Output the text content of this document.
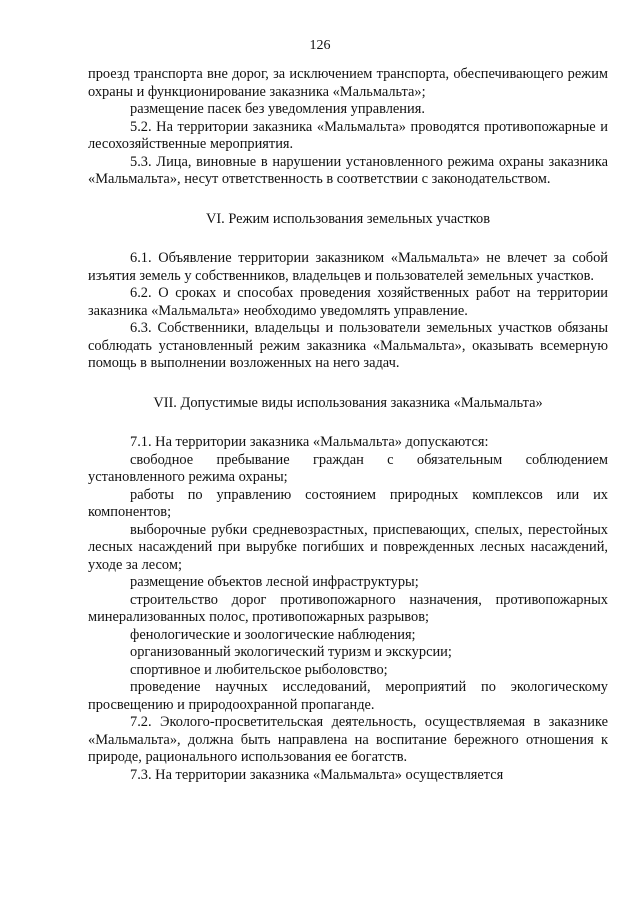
126

проезд транспорта вне дорог, за исключением транспорта, обеспечивающего режим охраны и функционирование заказника «Мальмальта»;

размещение пасек без уведомления управления.

5.2. На территории заказника «Мальмальта» проводятся противопожарные и лесохозяйственные мероприятия.

5.3. Лица, виновные в нарушении установленного режима охраны заказника «Мальмальта», несут ответственность в соответствии с законодательством.

VI. Режим использования земельных участков

6.1. Объявление территории заказником «Мальмальта» не влечет за собой изъятия земель у собственников, владельцев и пользователей земельных участков.

6.2. О сроках и способах проведения хозяйственных работ на территории заказника «Мальмальта» необходимо уведомлять управление.

6.3. Собственники, владельцы и пользователи земельных участков обязаны соблюдать установленный режим заказника «Мальмальта», оказывать всемерную помощь в выполнении возложенных на него задач.

VII. Допустимые виды использования заказника «Мальмальта»

7.1. На территории заказника «Мальмальта» допускаются:

свободное пребывание граждан с обязательным соблюдением установленного режима охраны;

работы по управлению состоянием природных комплексов или их компонентов;

выборочные рубки средневозрастных, приспевающих, спелых, перестойных лесных насаждений при вырубке погибших и поврежденных лесных насаждений, уходе за лесом;

размещение объектов лесной инфраструктуры;

строительство дорог противопожарного назначения, противопожарных минерализованных полос, противопожарных разрывов;

фенологические и зоологические наблюдения;

организованный экологический туризм и экскурсии;

спортивное и любительское рыболовство;

проведение научных исследований, мероприятий по экологическому просвещению и природоохранной пропаганде.

7.2. Эколого-просветительская деятельность, осуществляемая в заказнике «Мальмальта», должна быть направлена на воспитание бережного отношения к природе, рационального использования ее богатств.

7.3. На территории заказника «Мальмальта» осуществляется
